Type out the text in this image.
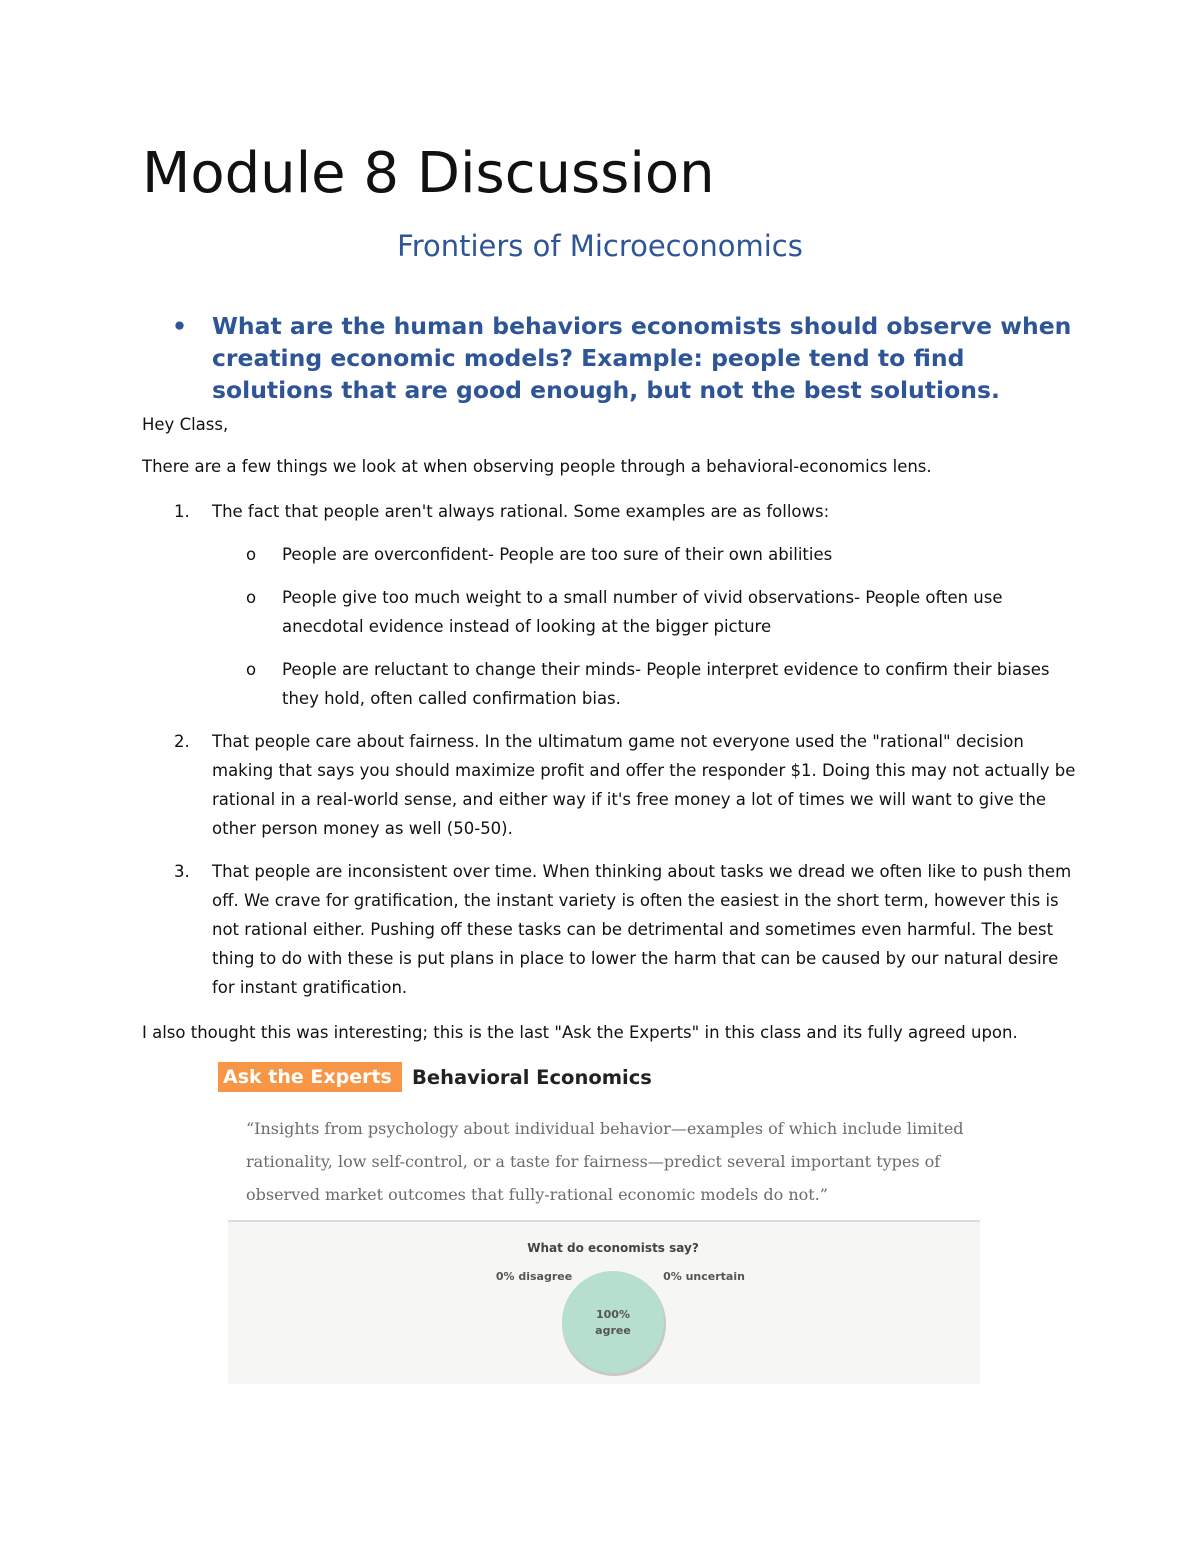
Module 8 Discussion
Frontiers of Microeconomics
• What are the human behaviors economists should observe when creating economic models? Example: people tend to find solutions that are good enough, but not the best solutions.

Hey Class,

There are a few things we look at when observing people through a behavioral-economics lens.

1. The fact that people aren't always rational. Some examples are as follows:
o People are overconfident- People are too sure of their own abilities
o People give too much weight to a small number of vivid observations- People often use anecdotal evidence instead of looking at the bigger picture
o People are reluctant to change their minds- People interpret evidence to confirm their biases they hold, often called confirmation bias.
2. That people care about fairness. In the ultimatum game not everyone used the "rational" decision making that says you should maximize profit and offer the responder $1. Doing this may not actually be rational in a real-world sense, and either way if it's free money a lot of times we will want to give the other person money as well (50-50).
3. That people are inconsistent over time. When thinking about tasks we dread we often like to push them off. We crave for gratification, the instant variety is often the easiest in the short term, however this is not rational either. Pushing off these tasks can be detrimental and sometimes even harmful. The best thing to do with these is put plans in place to lower the harm that can be caused by our natural desire for instant gratification.

I also thought this was interesting; this is the last "Ask the Experts" in this class and its fully agreed upon.

Ask the Experts	Behavioral Economics

“Insights from psychology about individual behavior—examples of which include limited rationality, low self-control, or a taste for fairness—predict several important types of observed market outcomes that fully-rational economic models do not.”

What do economists say?
100%
agree
0% disagree	0% uncertain
